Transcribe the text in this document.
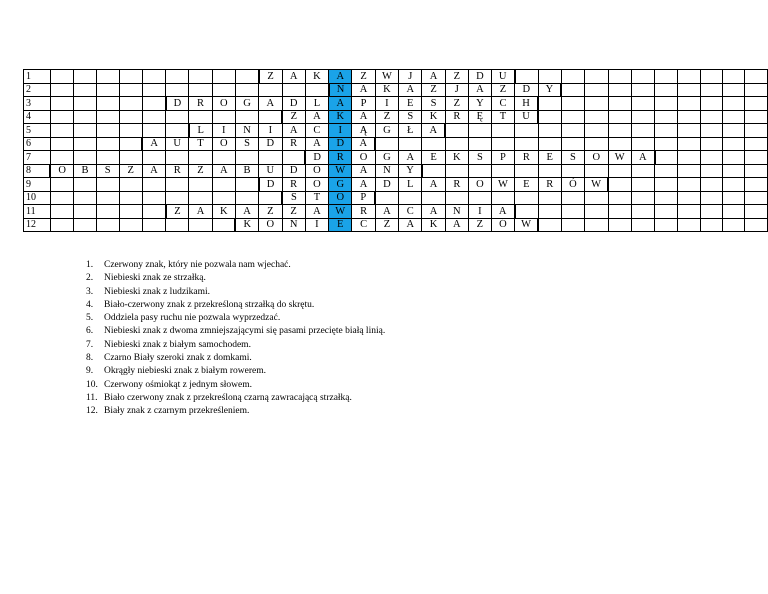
1										Z	A	K	A	Z	W	J	A	Z	D	U											
2													N	A	K	A	Z	J	A	Z	D	Y									
3						D	R	O	G	A	D	L	A	P	I	E	S	Z	Y	C	H										
4											Z	A	K	A	Z	S	K	R	Ę	T	U										
5							L	I	N	I	A	C	I	Ą	G	Ł	A														
6					A	U	T	O	S	D	R	A	D	A																	
7												D	R	O	G	A	E	K	S	P	R	E	S	O	W	A					
8	O	B	S	Z	A	R	Z	A	B	U	D	O	W	A	N	Y															
9										D	R	O	G	A	D	L	A	R	O	W	E	R	Ó	W							
10											S	T	O	P																	
11						Z	A	K	A	Z	Z	A	W	R	A	C	A	N	I	A											
12									K	O	N	I	E	C	Z	A	K	A	Z	Ó	W										
1. Czerwony znak, który nie pozwala nam wjechać.
2. Niebieski znak ze strzałką.
3. Niebieski znak z ludzikami.
4. Biało-czerwony znak z przekreśloną strzałką do skrętu.
5. Oddziela pasy ruchu nie pozwala wyprzedzać.
6. Niebieski znak z dwoma zmniejszającymi się pasami przecięte białą linią.
7. Niebieski znak z białym samochodem.
8. Czarno Biały szeroki znak z domkami.
9. Okrągły niebieski znak z białym rowerem.
10. Czerwony ośmiokąt z jednym słowem.
11. Biało czerwony znak z przekreśloną czarną zawracającą strzałką.
12. Biały znak z czarnym przekreśleniem.
